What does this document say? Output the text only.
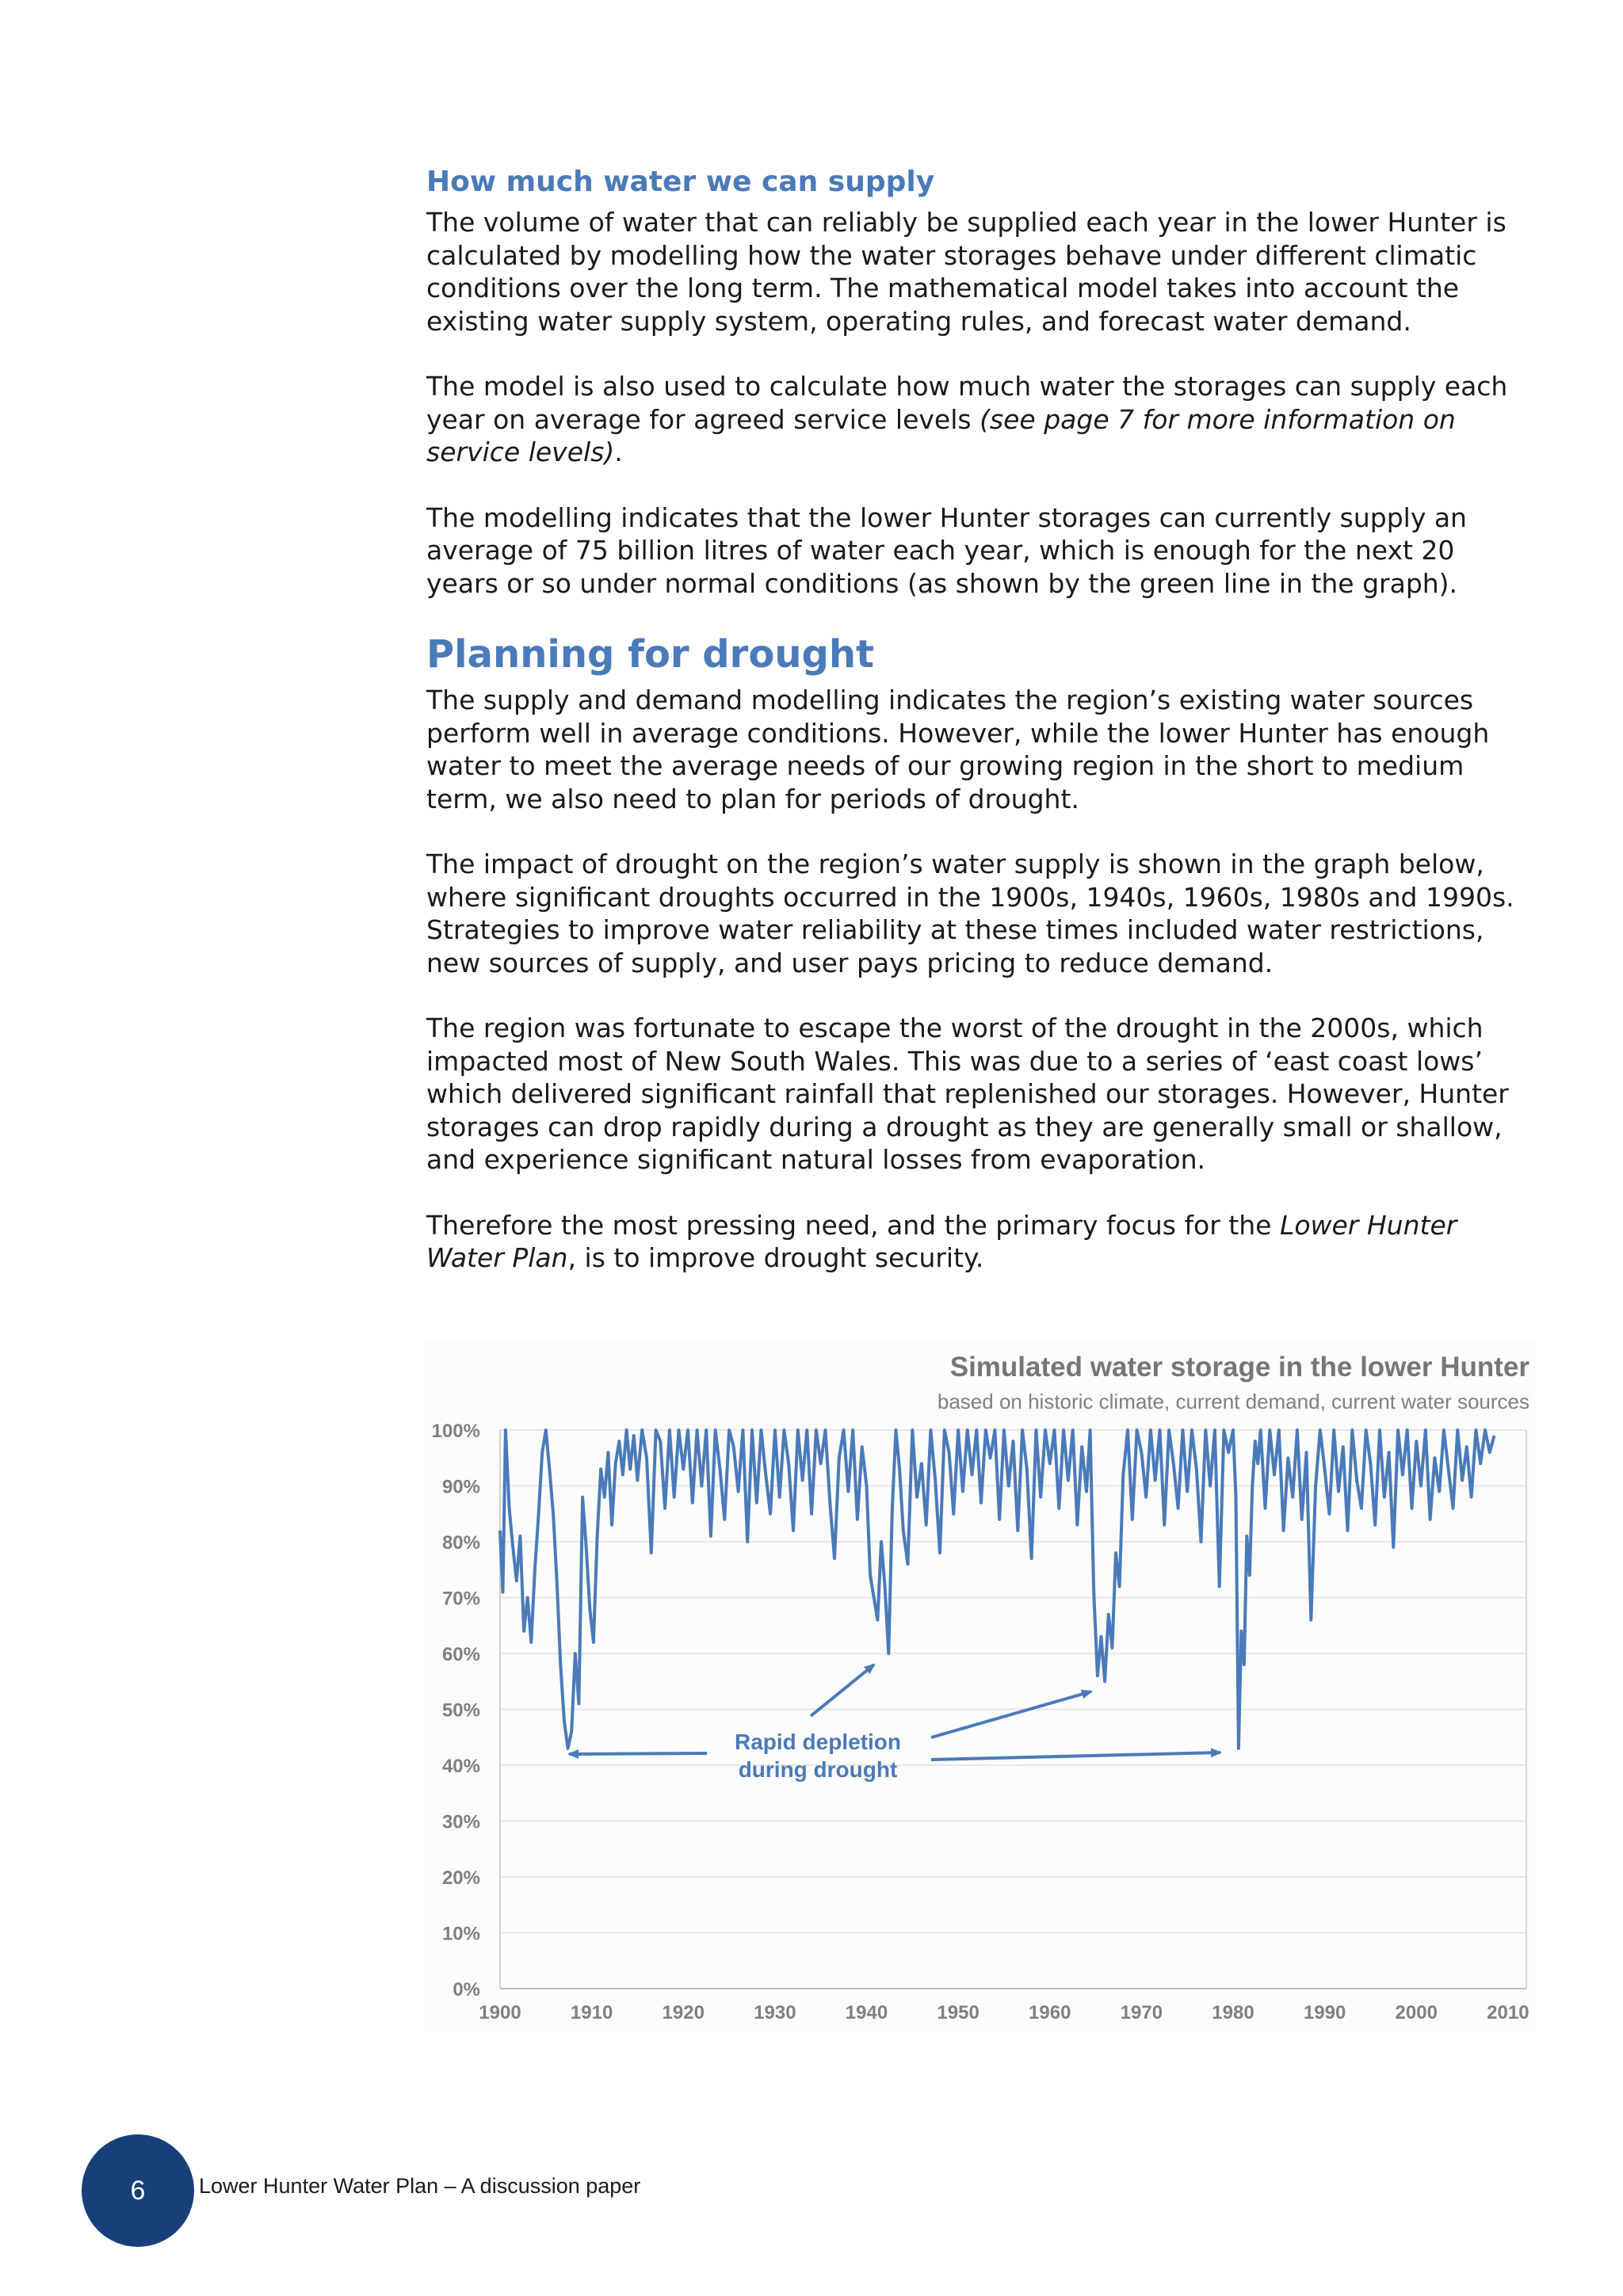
How much water we can supply

The volume of water that can reliably be supplied each year in the lower Hunter is
calculated by modelling how the water storages behave under different climatic
conditions over the long term. The mathematical model takes into account the
existing water supply system, operating rules, and forecast water demand.

The model is also used to calculate how much water the storages can supply each
year on average for agreed service levels (see page 7 for more information on
service levels).

The modelling indicates that the lower Hunter storages can currently supply an
average of 75 billion litres of water each year, which is enough for the next 20
years or so under normal conditions (as shown by the green line in the graph).

Planning for drought

The supply and demand modelling indicates the region’s existing water sources
perform well in average conditions. However, while the lower Hunter has enough
water to meet the average needs of our growing region in the short to medium
term, we also need to plan for periods of drought.

The impact of drought on the region’s water supply is shown in the graph below,
where significant droughts occurred in the 1900s, 1940s, 1960s, 1980s and 1990s.
Strategies to improve water reliability at these times included water restrictions,
new sources of supply, and user pays pricing to reduce demand.

The region was fortunate to escape the worst of the drought in the 2000s, which
impacted most of New South Wales. This was due to a series of ‘east coast lows’
which delivered significant rainfall that replenished our storages. However, Hunter
storages can drop rapidly during a drought as they are generally small or shallow,
and experience significant natural losses from evaporation.

Therefore the most pressing need, and the primary focus for the Lower Hunter
Water Plan, is to improve drought security.

Simulated water storage in the lower Hunter
based on historic climate, current demand, current water sources
0%
10%
20%
30%
40%
50%
60%
70%
80%
90%
100%
1900	1910	1920	1930	1940	1950	1960	1970	1980	1990	2000	2010
Rapid depletion
during drought
6	Lower Hunter Water Plan – A discussion paper
